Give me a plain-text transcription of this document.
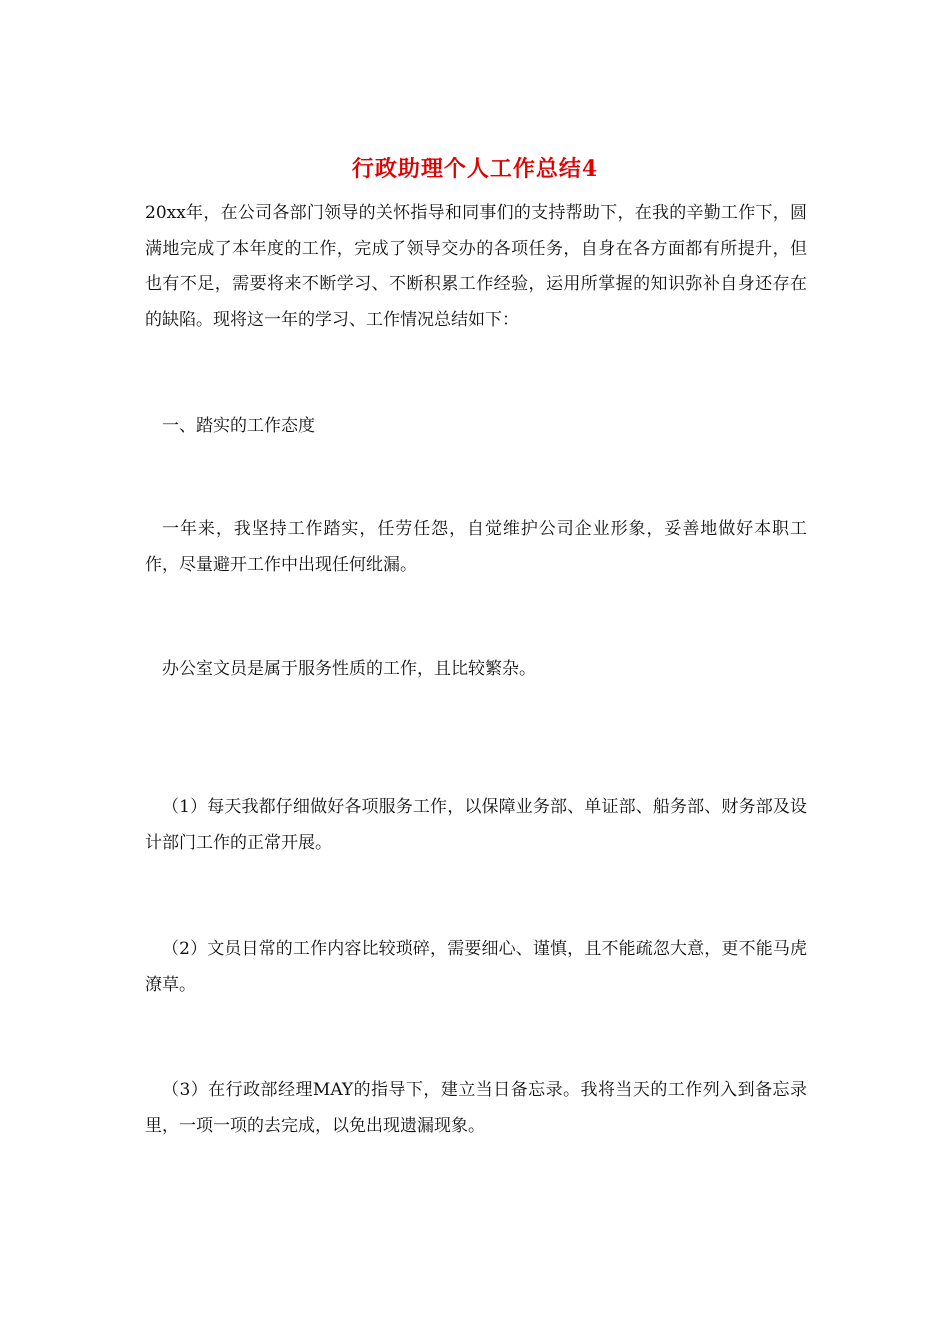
行政助理个人工作总结4

20xx年，在公司各部门领导的关怀指导和同事们的支持帮助下，在我的辛勤工作下，圆满地完成了本年度的工作，完成了领导交办的各项任务，自身在各方面都有所提升，但也有不足，需要将来不断学习、不断积累工作经验，运用所掌握的知识弥补自身还存在的缺陷。现将这一年的学习、工作情况总结如下：

一、踏实的工作态度

一年来，我坚持工作踏实，任劳任怨，自觉维护公司企业形象，妥善地做好本职工作，尽量避开工作中出现任何纰漏。

办公室文员是属于服务性质的工作，且比较繁杂。

（1）每天我都仔细做好各项服务工作，以保障业务部、单证部、船务部、财务部及设计部门工作的正常开展。

（2）文员日常的工作内容比较琐碎，需要细心、谨慎，且不能疏忽大意，更不能马虎潦草。

（3）在行政部经理MAY的指导下，建立当日备忘录。我将当天的工作列入到备忘录里，一项一项的去完成，以免出现遗漏现象。
